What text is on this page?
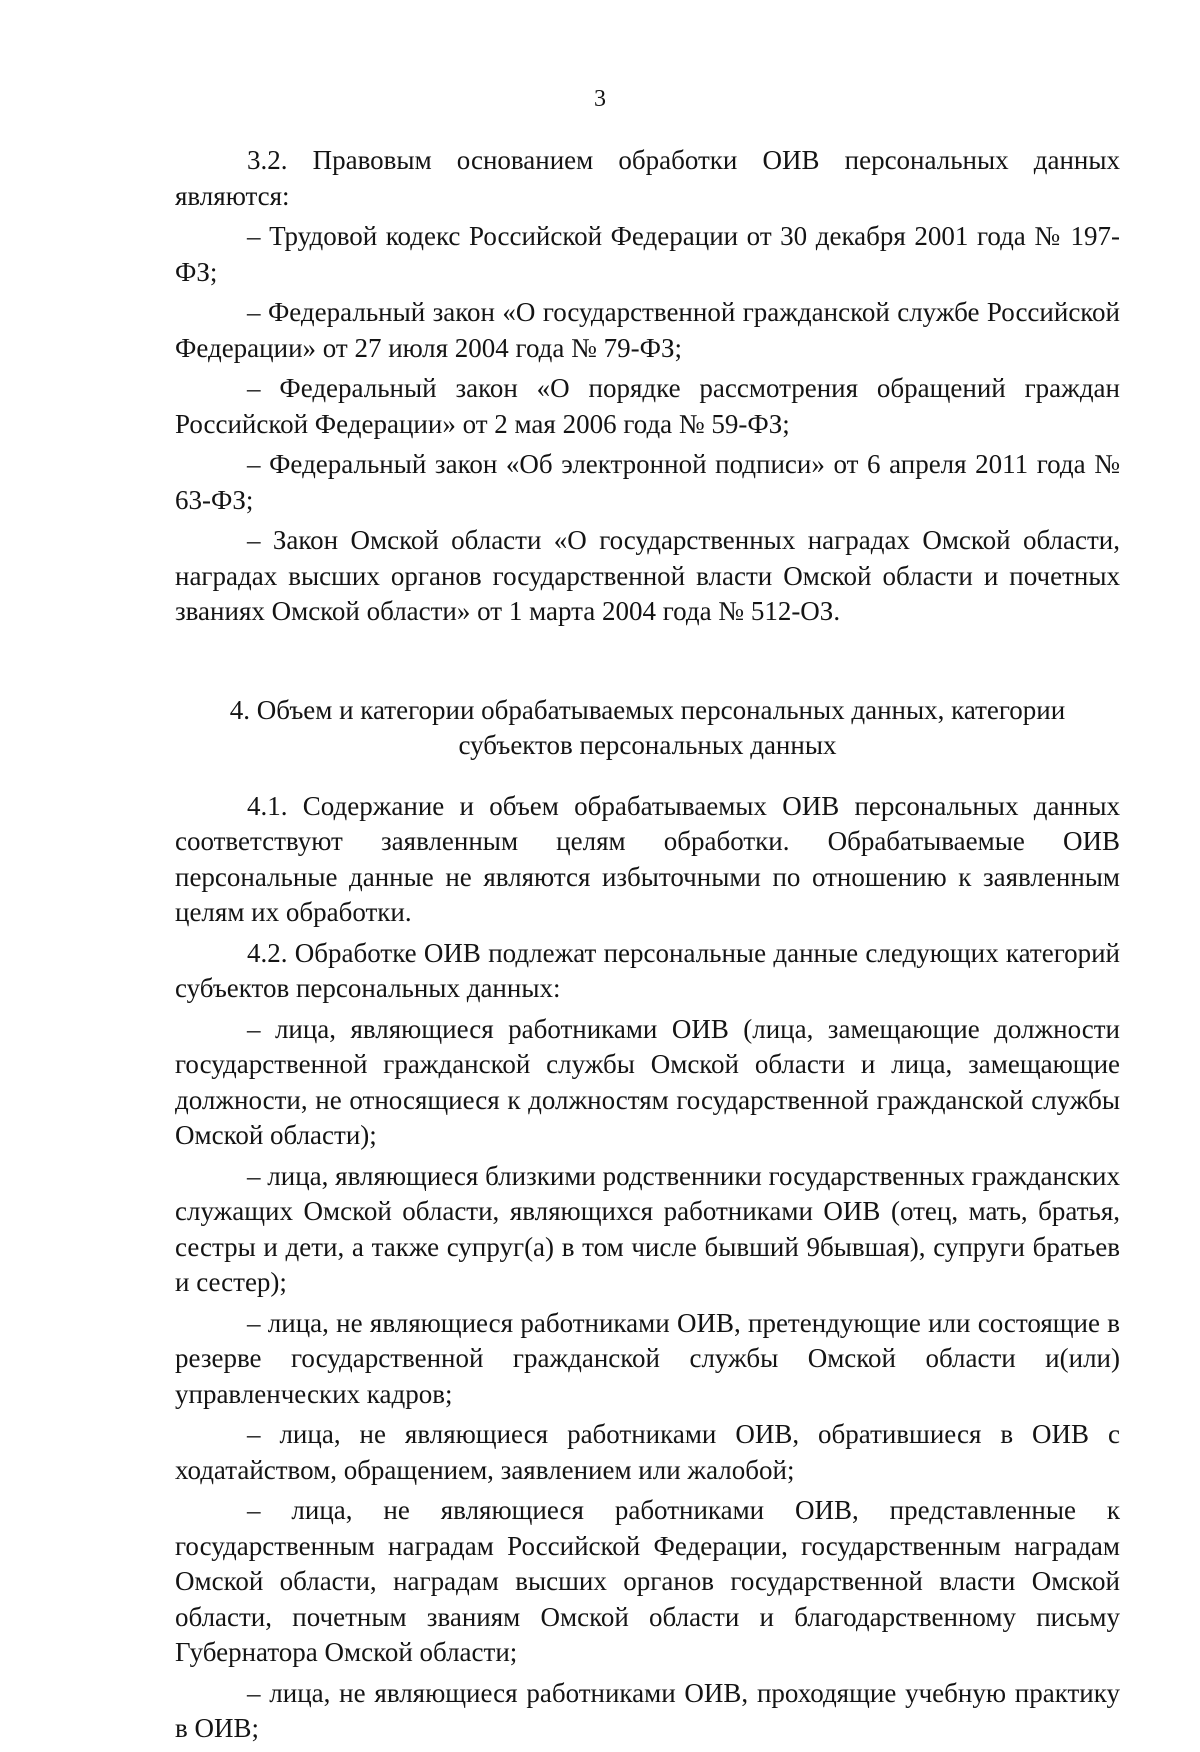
3

3.2. Правовым основанием обработки ОИВ персональных данных являются:

– Трудовой кодекс Российской Федерации от 30 декабря 2001 года № 197-ФЗ;

– Федеральный закон «О государственной гражданской службе Российской Федерации» от 27 июля 2004 года № 79-ФЗ;

– Федеральный закон «О порядке рассмотрения обращений граждан Российской Федерации» от 2 мая 2006 года № 59-ФЗ;

– Федеральный закон «Об электронной подписи» от 6 апреля 2011 года № 63-ФЗ;

– Закон Омской области «О государственных наградах Омской области, наградах высших органов государственной власти Омской области и почетных званиях Омской области» от 1 марта 2004 года № 512-ОЗ.

4. Объем и категории обрабатываемых персональных данных, категории
субъектов персональных данных

4.1. Содержание и объем обрабатываемых ОИВ персональных данных соответствуют заявленным целям обработки. Обрабатываемые ОИВ персональные данные не являются избыточными по отношению к заявленным целям их обработки.

4.2. Обработке ОИВ подлежат персональные данные следующих категорий субъектов персональных данных:

– лица, являющиеся работниками ОИВ (лица, замещающие должности государственной гражданской службы Омской области и лица, замещающие должности, не относящиеся к должностям государственной гражданской службы Омской области);

– лица, являющиеся близкими родственники государственных гражданских служащих Омской области, являющихся работниками ОИВ (отец, мать, братья, сестры и дети, а также супруг(а) в том числе бывший 9бывшая), супруги братьев и сестер);

– лица, не являющиеся работниками ОИВ, претендующие или состоящие в резерве государственной гражданской службы Омской области и(или) управленческих кадров;

– лица, не являющиеся работниками ОИВ, обратившиеся в ОИВ с ходатайством, обращением, заявлением или жалобой;

– лица, не являющиеся работниками ОИВ, представленные к государственным наградам Российской Федерации, государственным наградам Омской области, наградам высших органов государственной власти Омской области, почетным званиям Омской области и благодарственному письму Губернатора Омской области;

– лица, не являющиеся работниками ОИВ, проходящие учебную практику в ОИВ;
